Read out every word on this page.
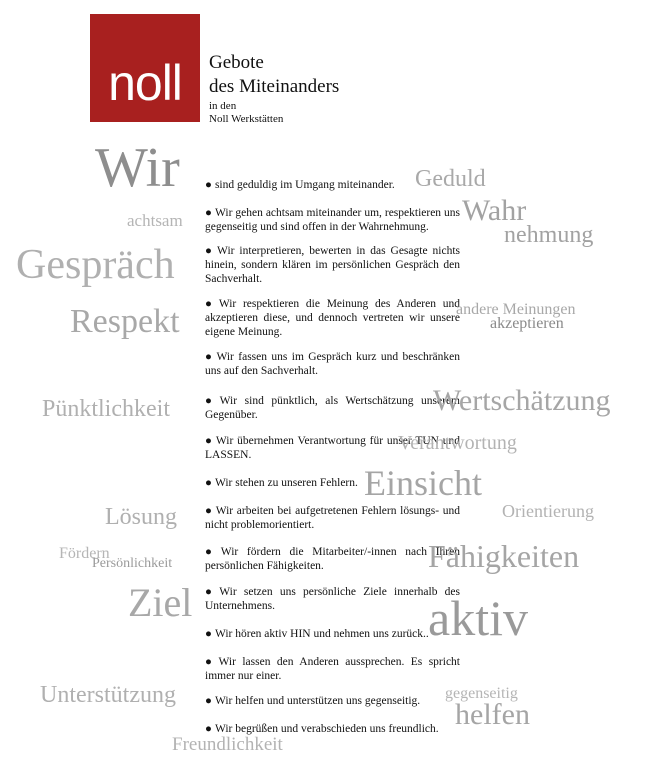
noll	Gebote
des Miteinanders
in den
Noll Werkstätten
● sind geduldig im Umgang miteinander.
● Wir gehen achtsam miteinander um, respektieren uns gegenseitig und sind offen in der Wahrnehmung.
● Wir interpretieren, bewerten in das Gesagte nichts hinein, sondern klären im persönlichen Gespräch den Sachverhalt.
● Wir respektieren die Meinung des Anderen und akzeptieren diese, und dennoch vertreten wir unsere eigene Meinung.
● Wir fassen uns im Gespräch kurz und beschränken uns auf den Sachverhalt.
● Wir sind pünktlich, als Wertschätzung unserem Gegenüber.
● Wir übernehmen Verantwortung für unser TUN und LASSEN.
● Wir stehen zu unseren Fehlern.
● Wir arbeiten bei aufgetretenen Fehlern lösungs- und nicht problemorientiert.
● Wir fördern die Mitarbeiter/-innen nach Ihren persönlichen Fähigkeiten.
● Wir setzen uns persönliche Ziele innerhalb des Unternehmens.
● Wir hören aktiv HIN und nehmen uns zurück..
● Wir lassen den Anderen aussprechen. Es spricht immer nur einer.
● Wir helfen und unterstützen uns gegenseitig.
● Wir begrüßen und verabschieden uns freundlich.
Wir	Geduld
achtsam	Wahr
nehmung
Gespräch
Respekt	andere Meinungen
akzeptieren
Pünktlichkeit	Wertschätzung
Verantwortung
Einsicht
Lösung	Orientierung
Fördern
Persönlichkeit	Fähigkeiten
Ziel	aktiv
Unterstützung	gegenseitig
helfen
Freundlichkeit
